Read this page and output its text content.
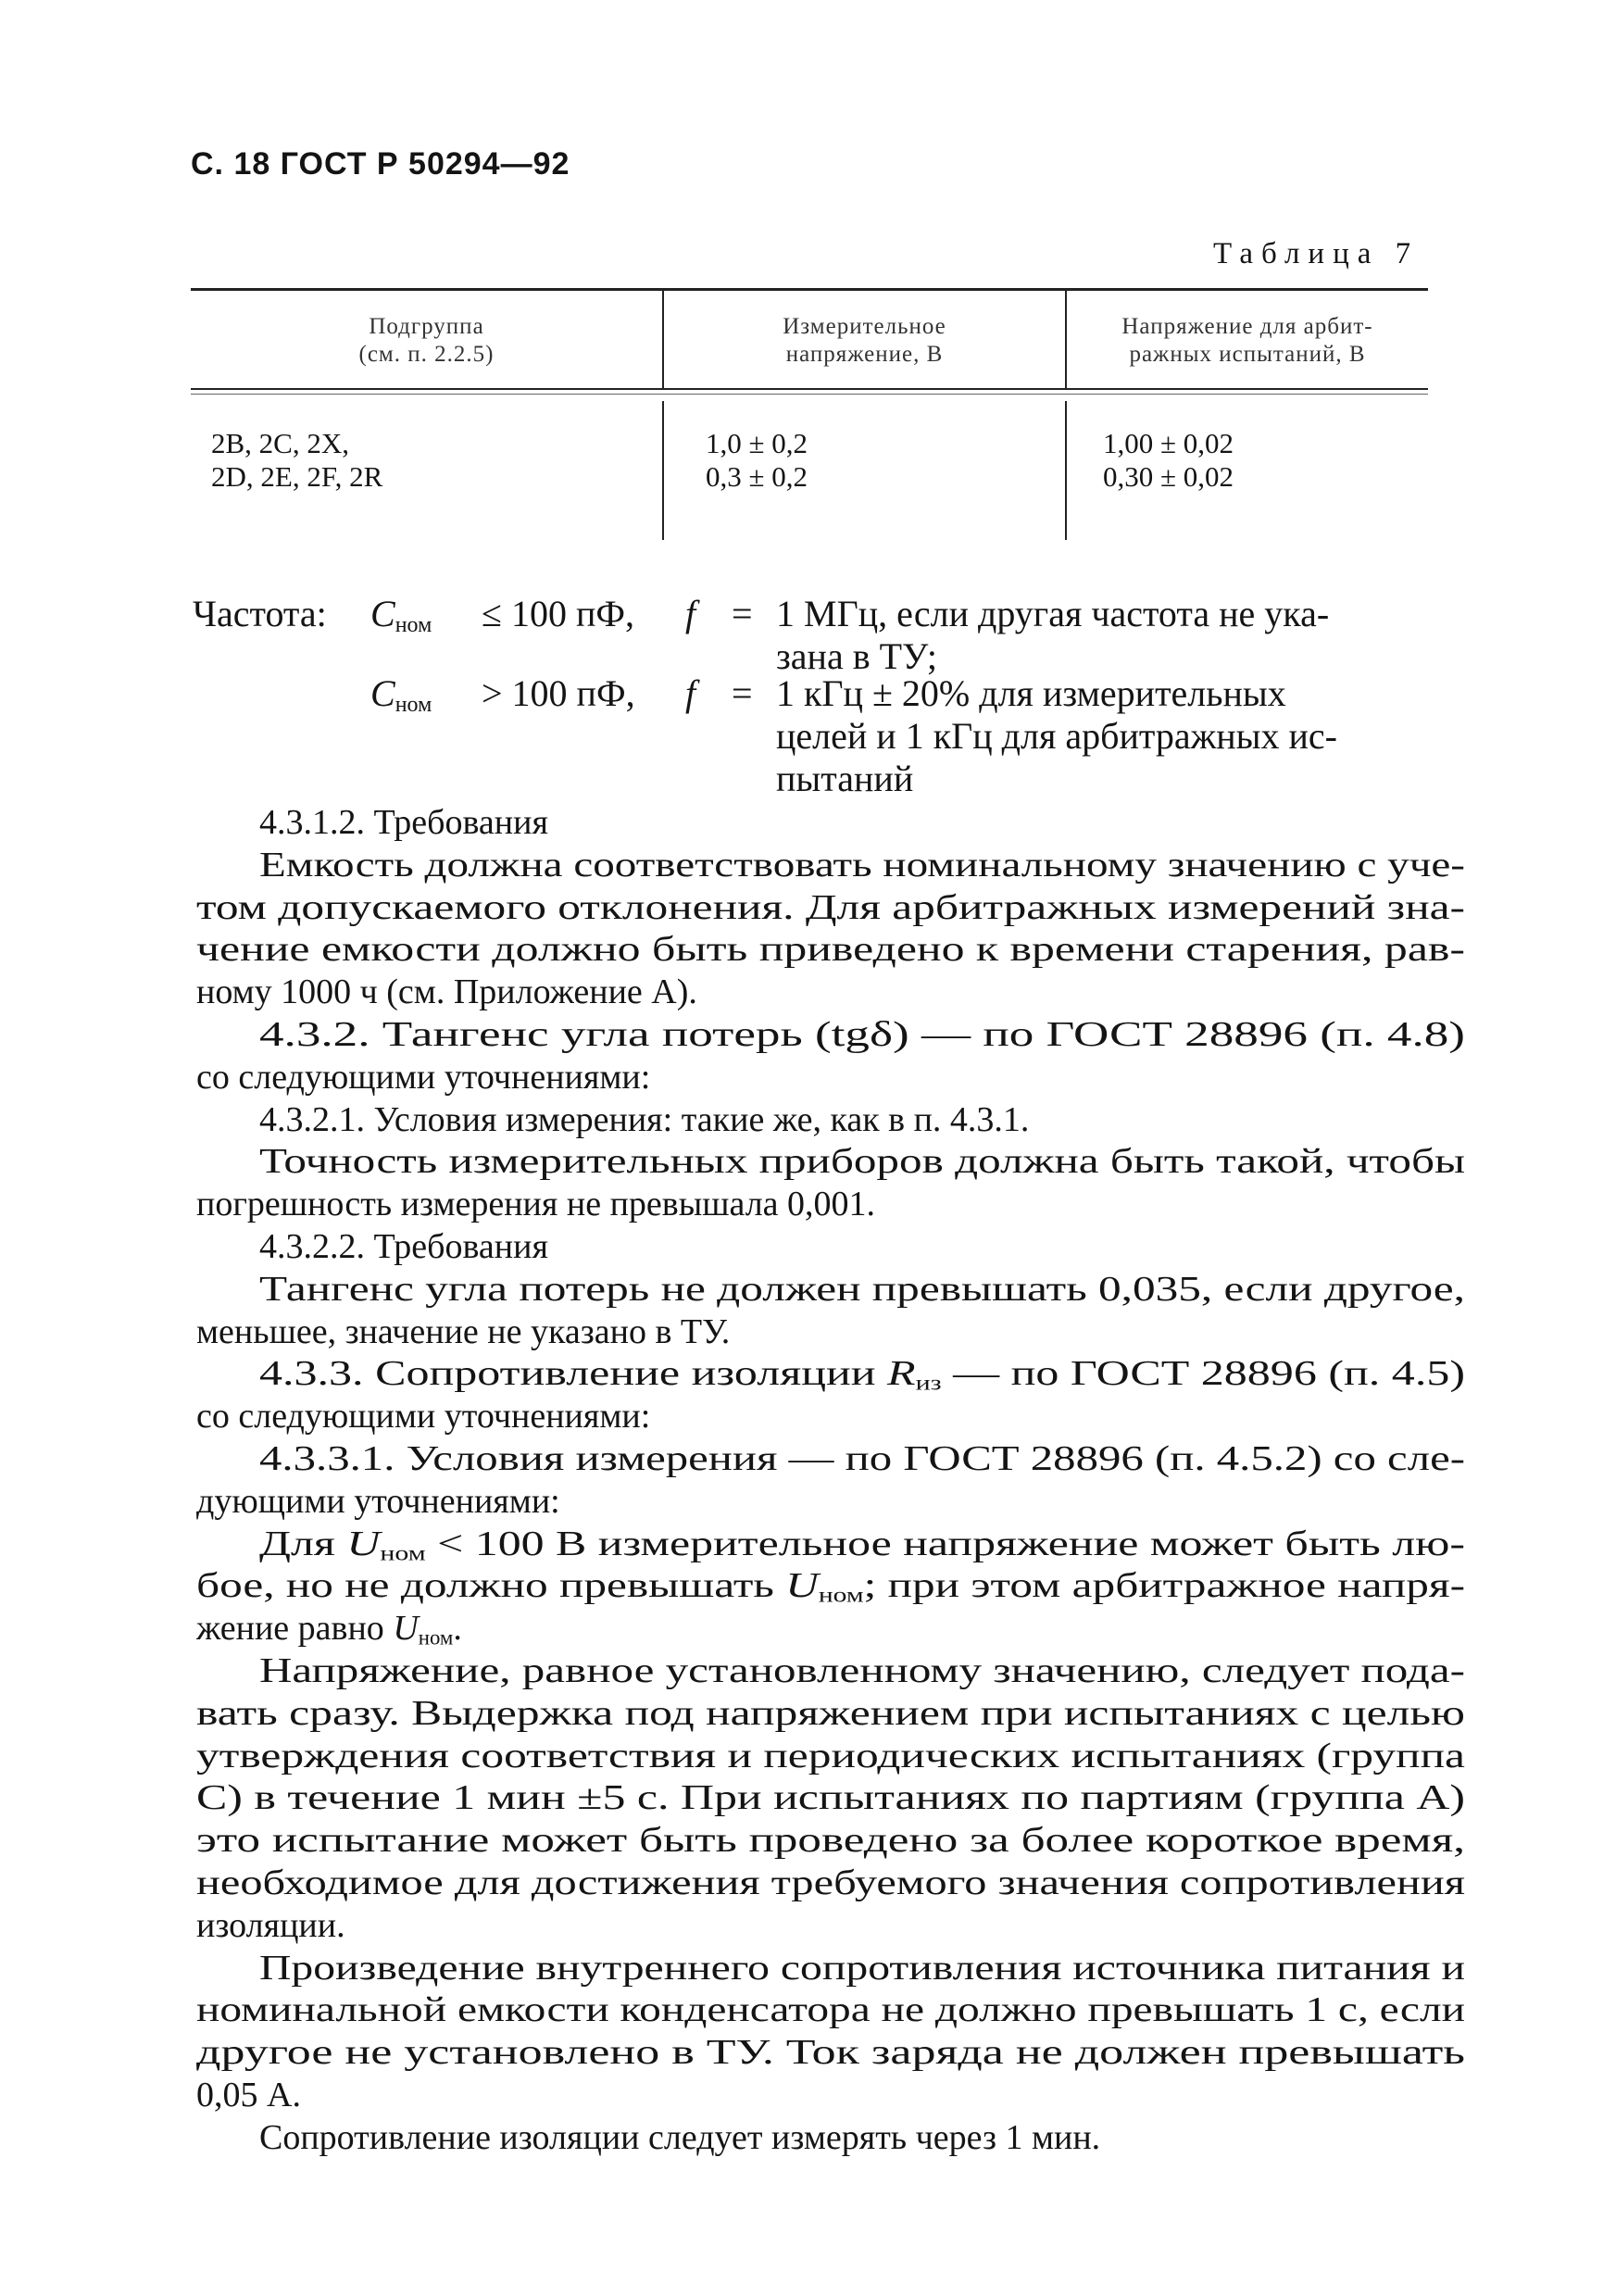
С. 18 ГОСТ Р 50294—92
Таблица 7
Подгруппа
(см. п. 2.2.5)
Измерительное
напряжение, В
Напряжение для арбит-
ражных испытаний, В
2B, 2C, 2X,
2D, 2E, 2F, 2R
1,0 ± 0,2
0,3 ± 0,2
1,00 ± 0,02
0,30 ± 0,02
Частота: $C_{ном} \le 100$ пФ, f = 1 МГц, если другая частота не ука-
зана в ТУ;
$C_{ном} > 100$ пФ, f = 1 кГц ± 20% для измерительных
целей и 1 кГц для арбитражных ис-
пытаний
4.3.1.2. Требования
Емкость должна соответствовать номинальному значению с уче-
том допускаемого отклонения. Для арбитражных измерений зна-
чение емкости должно быть приведено к времени старения, рав-
ному 1000 ч (см. Приложение А).
4.3.2. Тангенс угла потерь (tgδ) — по ГОСТ 28896 (п. 4.8)
со следующими уточнениями:
4.3.2.1. Условия измерения: такие же, как в п. 4.3.1.
Точность измерительных приборов должна быть такой, чтобы
погрешность измерения не превышала 0,001.
4.3.2.2. Требования
Тангенс угла потерь не должен превышать 0,035, если другое,
меньшее, значение не указано в ТУ.
4.3.3. Сопротивление изоляции $R_{из}$ — по ГОСТ 28896 (п. 4.5)
со следующими уточнениями:
4.3.3.1. Условия измерения — по ГОСТ 28896 (п. 4.5.2) со сле-
дующими уточнениями:
Для $U_{ном} < 100$ В измерительное напряжение может быть лю-
бое, но не должно превышать $U_{ном}$; при этом арбитражное напря-
жение равно $U_{ном}$.
Напряжение, равное установленному значению, следует пода-
вать сразу. Выдержка под напряжением при испытаниях с целью
утверждения соответствия и периодических испытаниях (группа
С) в течение 1 мин ±5 с. При испытаниях по партиям (группа А)
это испытание может быть проведено за более короткое время,
необходимое для достижения требуемого значения сопротивления
изоляции.
Произведение внутреннего сопротивления источника питания и
номинальной емкости конденсатора не должно превышать 1 с, если
другое не установлено в ТУ. Ток заряда не должен превышать
0,05 А.
Сопротивление изоляции следует измерять через 1 мин.
